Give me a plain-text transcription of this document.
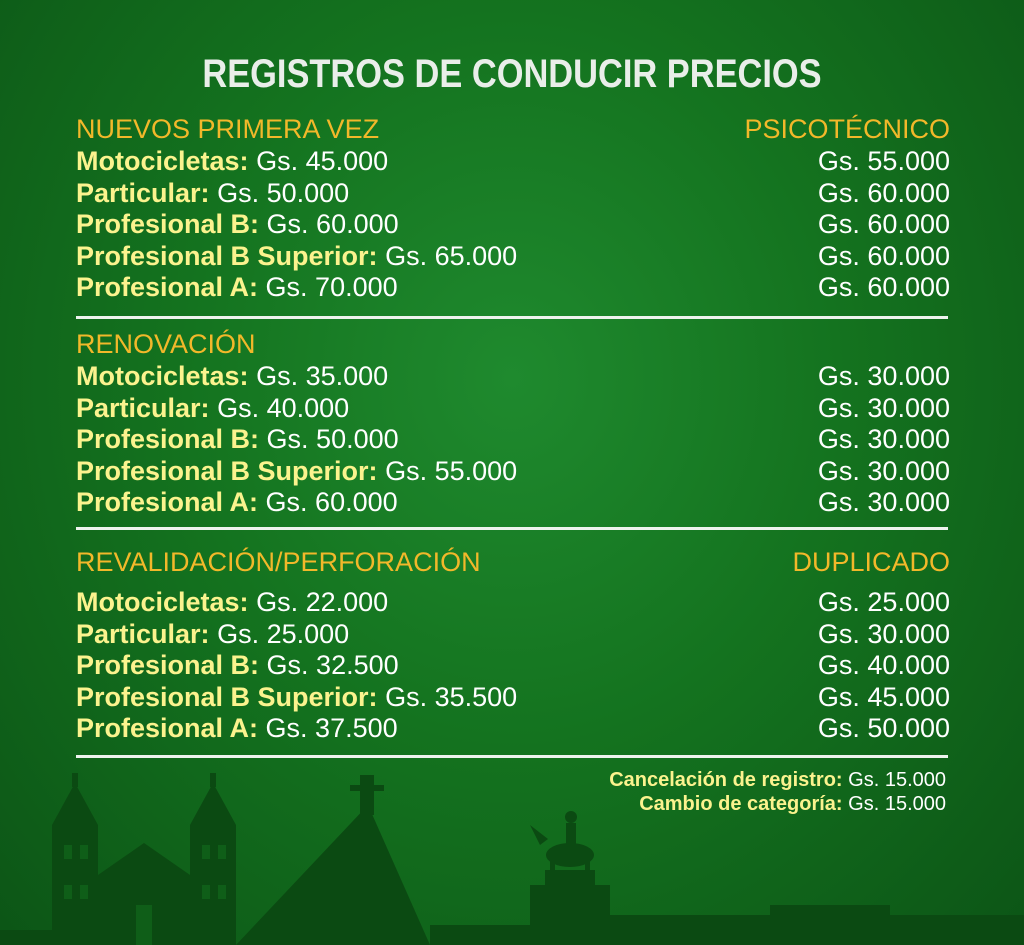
REGISTROS DE CONDUCIR PRECIOS
NUEVOS PRIMERA VEZ	PSICOTÉCNICO
Motocicletas: Gs. 45.000	Gs. 55.000
Particular: Gs. 50.000	Gs. 60.000
Profesional B: Gs. 60.000	Gs. 60.000
Profesional B Superior: Gs. 65.000	Gs. 60.000
Profesional A: Gs. 70.000	Gs. 60.000
RENOVACIÓN
Motocicletas: Gs. 35.000	Gs. 30.000
Particular: Gs. 40.000	Gs. 30.000
Profesional B: Gs. 50.000	Gs. 30.000
Profesional B Superior: Gs. 55.000	Gs. 30.000
Profesional A: Gs. 60.000	Gs. 30.000
REVALIDACIÓN/PERFORACIÓN	DUPLICADO
Motocicletas: Gs. 22.000	Gs. 25.000
Particular: Gs. 25.000	Gs. 30.000
Profesional B: Gs. 32.500	Gs. 40.000
Profesional B Superior: Gs. 35.500	Gs. 45.000
Profesional A: Gs. 37.500	Gs. 50.000
Cancelación de registro: Gs. 15.000
Cambio de categoría: Gs. 15.000
